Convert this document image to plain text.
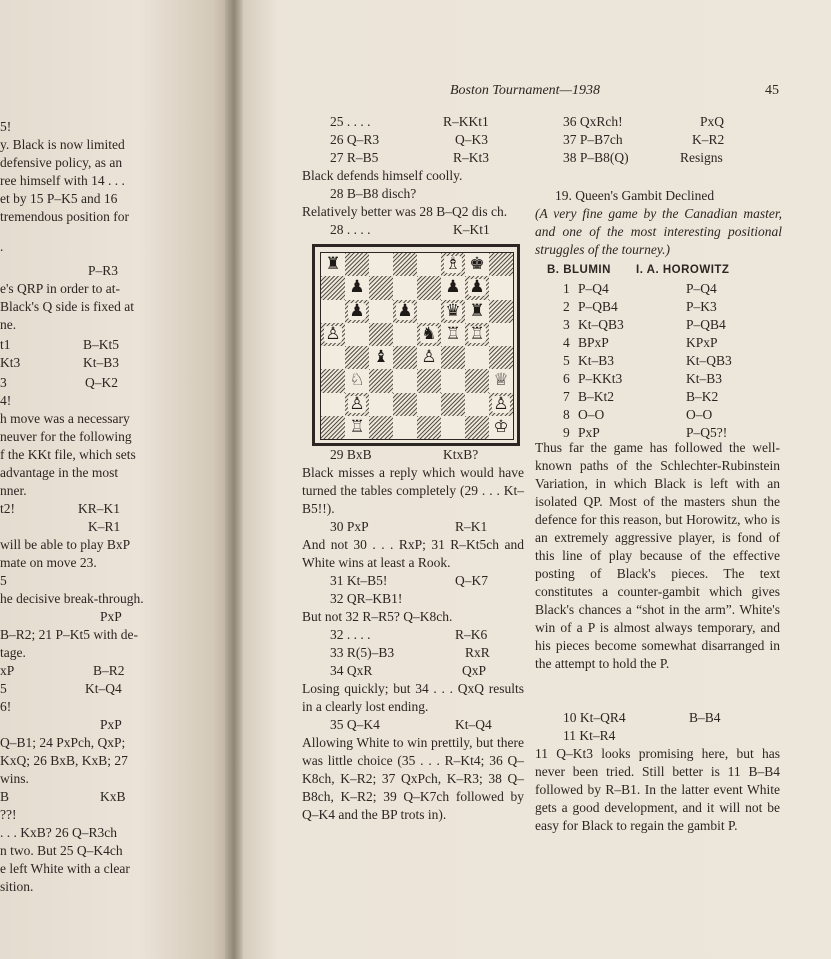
5!
y. Black is now limited
defensive policy, as an
ree himself with 14 . . .
et by 15 P–K5 and 16
tremendous position for
.
P–R3
e's QRP in order to at-
Black's Q side is fixed at
ne.
t1	B–Kt5
Kt3	Kt–B3
3	Q–K2
4!
h move was a necessary
neuver for the following
f the KKt file, which sets
advantage in the most
nner.
KR–K1
t2!
K–R1
will be able to play BxP
mate on move 23.
5
he decisive break-through.
PxP
B–R2; 21 P–Kt5 with de-
tage.
xP	B–R2
5	Kt–Q4
6!
PxP
Q–B1; 24 PxPch, QxP;
KxQ; 26 BxB, KxB; 27
wins.
B	KxB
??!
. . . KxB? 26 Q–R3ch
n two. But 25 Q–K4ch
e left White with a clear
sition.
Boston Tournament—1938	45
25 . . . .	R–KKt1
26 Q–R3	Q–K3
27 R–B5	R–Kt3
Black defends himself coolly.
28 B–B8 disch?
Relatively better was 28 B–Q2 dis ch.
28 . . . .	K–Kt1
♜	♗ ♚
♟	♟ ♟
♟ ♟ ♛ ♜
♙	♞ ♖ ♖
♝ ♙
♘	♕
♙	♙
♖	♔
29 BxB	KtxB?
Black misses a reply which would have turned the tables completely (29 . . . Kt–B5!!).
30 PxP	R–K1
And not 30 . . . RxP; 31 R–Kt5ch and White wins at least a Rook.
31 Kt–B5!	Q–K7
32 QR–KB1!
But not 32 R–R5? Q–K8ch.
32 . . . .	R–K6
33 R(5)–B3	RxR
34 QxR	QxP
Losing quickly; but 34 . . . QxQ results in a clearly lost ending.
35 Q–K4	Kt–Q4
Allowing White to win prettily, but there was little choice (35 . . . R–Kt4; 36 Q–K8ch, K–R2; 37 QxPch, K–R3; 38 Q–B8ch, K–R2; 39 Q–K7ch followed by Q–K4 and the BP trots in).
36 QxRch!	PxQ
37 P–B7ch	K–R2
38 P–B8(Q)	Resigns
19. Queen's Gambit Declined
(A very fine game by the Canadian master, and one of the most interesting positional struggles of the tourney.)
B. BLUMIN I. A. HOROWITZ
1 P–Q4	P–Q4
2 P–QB4	P–K3
3 Kt–QB3	P–QB4
4 BPxP	KPxP
5 Kt–B3	Kt–QB3
6 P–KKt3	Kt–B3
7 B–Kt2	B–K2
8 O–O	O–O
9 PxP	P–Q5?!
Thus far the game has followed the well-known paths of the Schlechter-Rubinstein Variation, in which Black is left with an isolated QP. Most of the masters shun the defence for this reason, but Horowitz, who is an extremely aggressive player, is fond of this line of play because of the effective posting of Black's pieces. The text constitutes a counter-gambit which gives Black's chances a “shot in the arm”. White's win of a P is almost always temporary, and his pieces become somewhat disarranged in the attempt to hold the P.
10 Kt–QR4	B–B4
11 Kt–R4
11 Q–Kt3 looks promising here, but has never been tried. Still better is 11 B–B4 followed by R–B1. In the latter event White gets a good development, and it will not be easy for Black to regain the gambit P.
